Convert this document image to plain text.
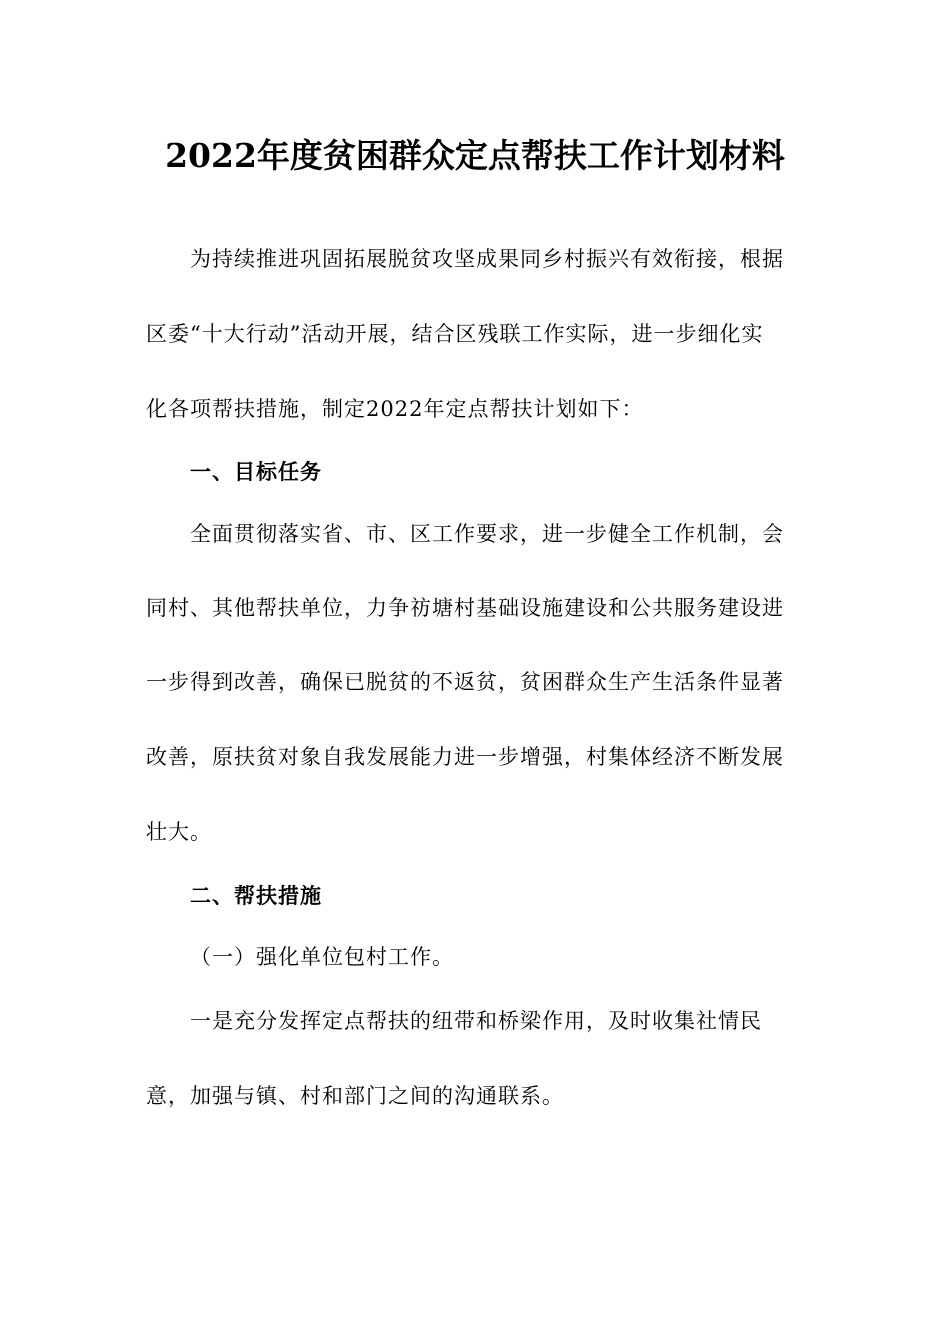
2022年度贫困群众定点帮扶工作计划材料
为持续推进巩固拓展脱贫攻坚成果同乡村振兴有效衔接，根据
区委“十大行动”活动开展，结合区残联工作实际，进一步细化实
化各项帮扶措施，制定2022年定点帮扶计划如下：
一、目标任务
全面贯彻落实省、市、区工作要求，进一步健全工作机制，会
同村、其他帮扶单位，力争祊塘村基础设施建设和公共服务建设进
一步得到改善，确保已脱贫的不返贫，贫困群众生产生活条件显著
改善，原扶贫对象自我发展能力进一步增强，村集体经济不断发展
壮大。
二、帮扶措施
（一）强化单位包村工作。
一是充分发挥定点帮扶的纽带和桥梁作用，及时收集社情民
意，加强与镇、村和部门之间的沟通联系。
